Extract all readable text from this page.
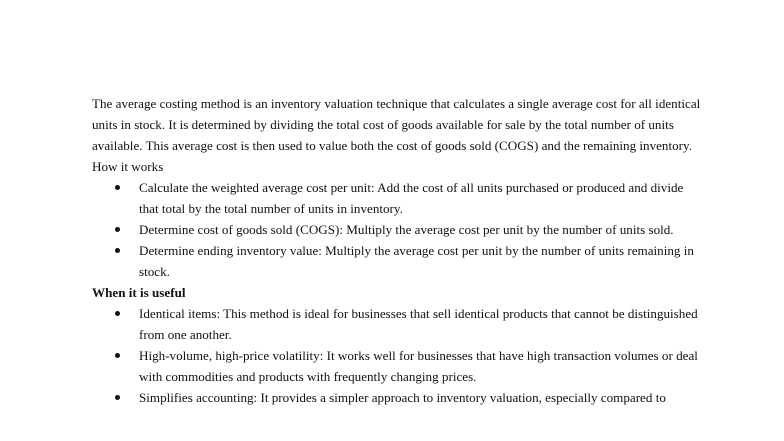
The average costing method is an inventory valuation technique that calculates a single average cost for all identical units in stock. It is determined by dividing the total cost of goods available for sale by the total number of units available. This average cost is then used to value both the cost of goods sold (COGS) and the remaining inventory.

How it works

Calculate the weighted average cost per unit: Add the cost of all units purchased or produced and divide that total by the total number of units in inventory.
Determine cost of goods sold (COGS): Multiply the average cost per unit by the number of units sold.
Determine ending inventory value: Multiply the average cost per unit by the number of units remaining in stock.

When it is useful

Identical items: This method is ideal for businesses that sell identical products that cannot be distinguished from one another.
High-volume, high-price volatility: It works well for businesses that have high transaction volumes or deal with commodities and products with frequently changing prices.
Simplifies accounting: It provides a simpler approach to inventory valuation, especially compared to
